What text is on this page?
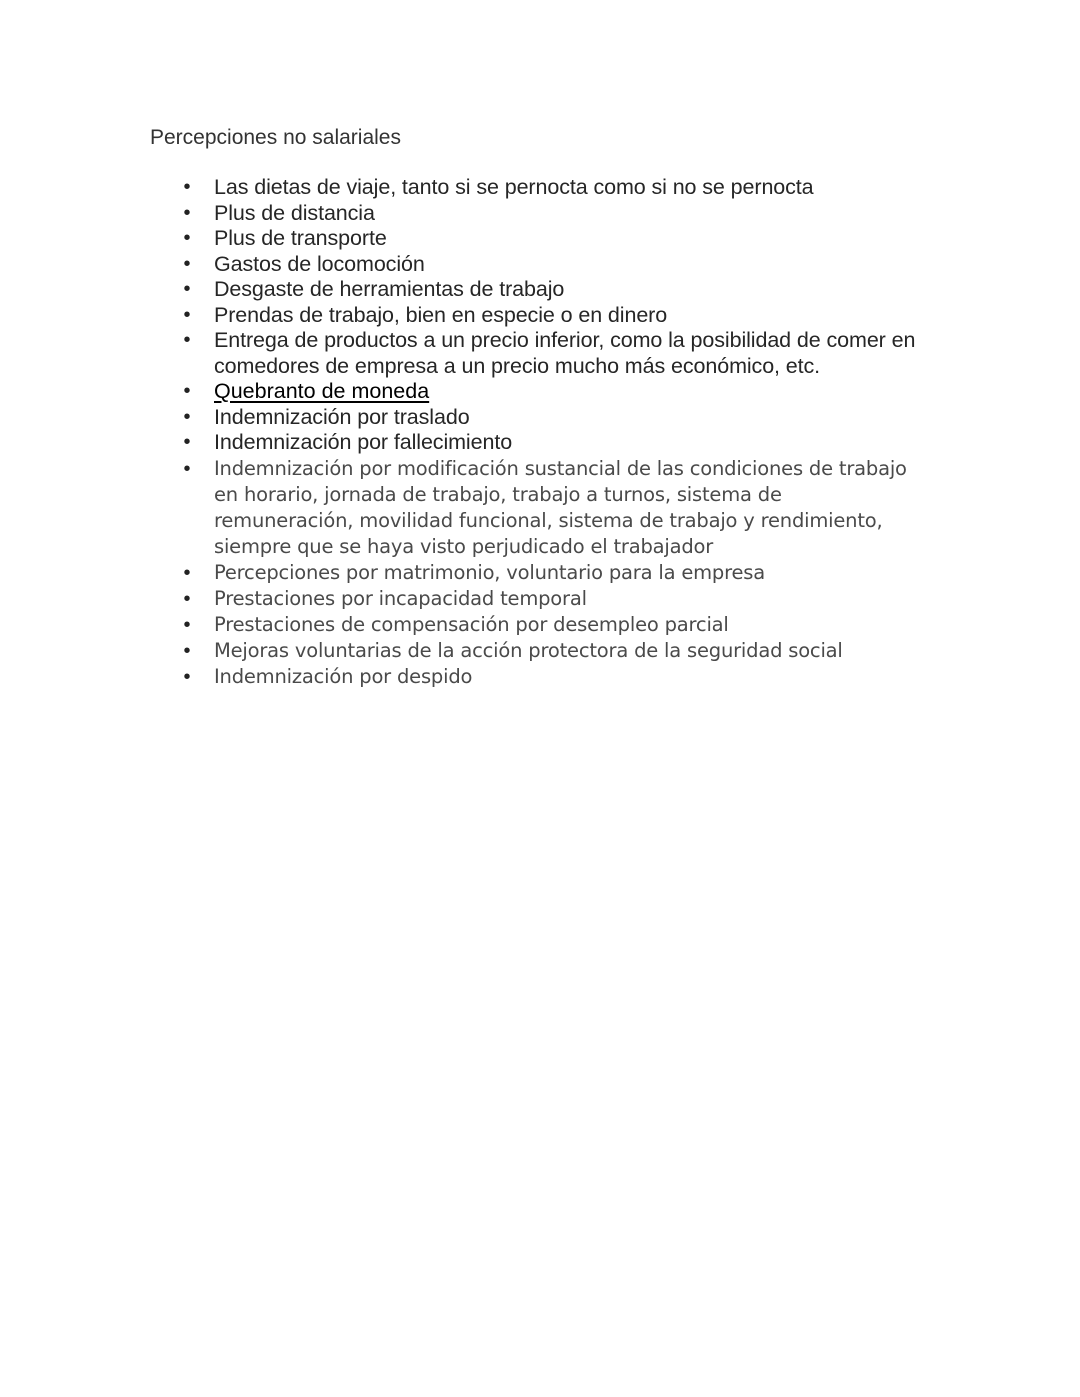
Percepciones no salariales

• Las dietas de viaje, tanto si se pernocta como si no se pernocta
• Plus de distancia
• Plus de transporte
• Gastos de locomoción
• Desgaste de herramientas de trabajo
• Prendas de trabajo, bien en especie o en dinero
• Entrega de productos a un precio inferior, como la posibilidad de comer en comedores de empresa a un precio mucho más económico, etc.
• Quebranto de moneda
• Indemnización por traslado
• Indemnización por fallecimiento
• Indemnización por modificación sustancial de las condiciones de trabajo en horario, jornada de trabajo, trabajo a turnos, sistema de remuneración, movilidad funcional, sistema de trabajo y rendimiento, siempre que se haya visto perjudicado el trabajador
• Percepciones por matrimonio, voluntario para la empresa
• Prestaciones por incapacidad temporal
• Prestaciones de compensación por desempleo parcial
• Mejoras voluntarias de la acción protectora de la seguridad social
• Indemnización por despido
